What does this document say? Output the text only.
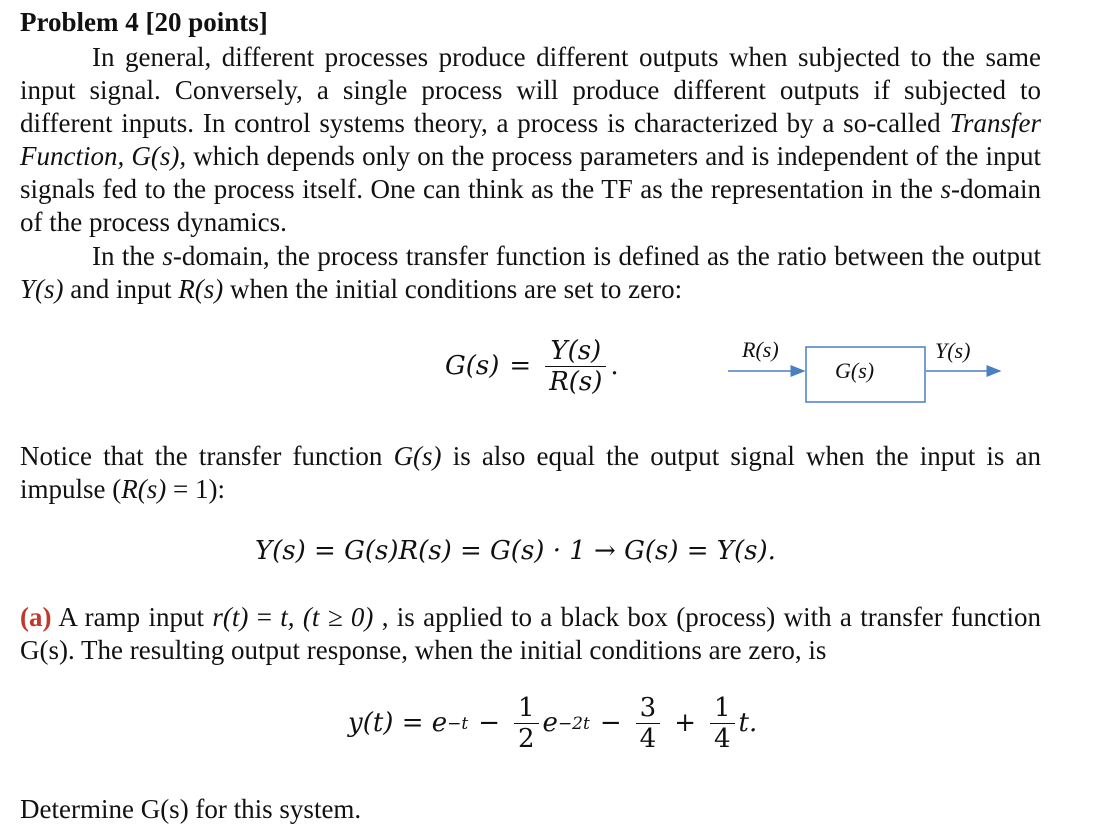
Problem 4 [20 points]

In general, different processes produce different outputs when subjected to the same input signal. Conversely, a single process will produce different outputs if subjected to different inputs. In control systems theory, a process is characterized by a so-called Transfer Function, G(s), which depends only on the process parameters and is independent of the input signals fed to the process itself. One can think as the TF as the representation in the s-domain of the process dynamics.

In the s-domain, the process transfer function is defined as the ratio between the output Y(s) and input R(s) when the initial conditions are set to zero:

$G(s) = \frac{Y(s)}{R(s)}$ .
R(s)
G(s)
Y(s)

Notice that the transfer function G(s) is also equal the output signal when the input is an impulse (R(s) = 1):

Y(s) = G(s)R(s) = G(s) · 1 → G(s) = Y(s).

(a) A ramp input r(t) = t, (t ≥ 0) , is applied to a black box (process) with a transfer function G(s). The resulting output response, when the initial conditions are zero, is

$y(t) = e -t - \frac{1}{2}$ $e -2t - \frac{3}{4} + \frac{1}{4} t$.
Determine G(s) for this system.
